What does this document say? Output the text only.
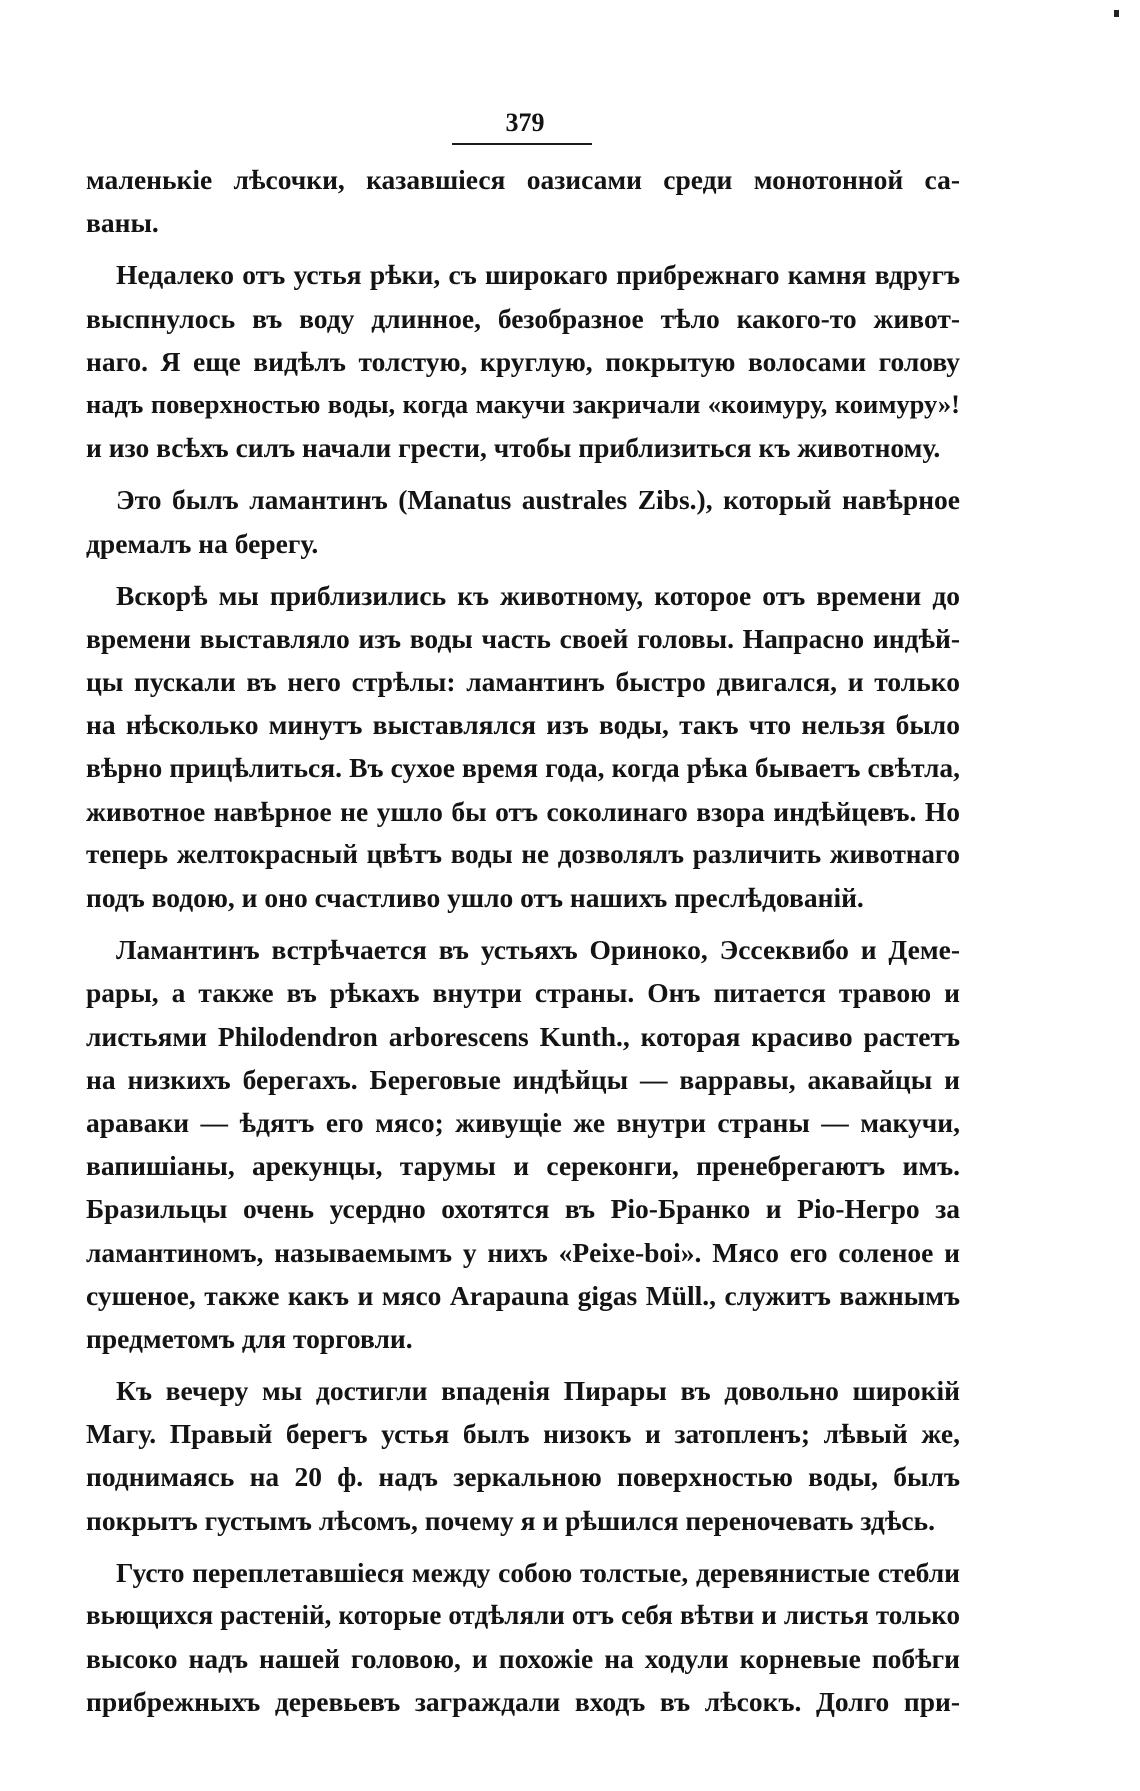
379
маленькіе лѣсочки, казавшіеся оазисами среди монотонной са-
ваны.
Недалеко отъ устья рѣки, съ широкаго прибрежнаго камня вдругъ
выспнулось въ воду длинное, безобразное тѣло какого-то живот-
наго. Я еще видѣлъ толстую, круглую, покрытую волосами голову
надъ поверхностью воды, когда макучи закричали «коимуру, коимуру»!
и изо всѣхъ силъ начали грести, чтобы приблизиться къ животному.
Это былъ ламантинъ (Manatus australes Zibs.), который навѣрное
дремалъ на берегу.
Вскорѣ мы приблизились къ животному, которое отъ времени до
времени выставляло изъ воды часть своей головы. Напрасно индѣй-
цы пускали въ него стрѣлы: ламантинъ быстро двигался, и только
на нѣсколько минутъ выставлялся изъ воды, такъ что нельзя было
вѣрно прицѣлиться. Въ сухое время года, когда рѣка бываетъ свѣтла,
животное навѣрное не ушло бы отъ соколинаго взора индѣйцевъ. Но
теперь желтокрасный цвѣтъ воды не дозволялъ различить животнаго
подъ водою, и оно счастливо ушло отъ нашихъ преслѣдованій.
Ламантинъ встрѣчается въ устьяхъ Ориноко, Эссеквибо и Деме-
рары, а также въ рѣкахъ внутри страны. Онъ питается травою и
листьями Philodendron arborescens Kunth., которая красиво растетъ
на низкихъ берегахъ. Береговые индѣйцы — варравы, акавайцы и
араваки — ѣдятъ его мясо; живущіе же внутри страны — макучи,
вапишіаны, арекунцы, тарумы и сереконги, пренебрегаютъ имъ.
Бразильцы очень усердно охотятся въ Ріо-Бранко и Ріо-Негро за
ламантиномъ, называемымъ у нихъ «Peixe-boi». Мясо его соленое и
сушеное, также какъ и мясо Arapauna gigas Müll., служитъ важнымъ
предметомъ для торговли.
Къ вечеру мы достигли впаденія Пирары въ довольно широкій
Магу. Правый берегъ устья былъ низокъ и затопленъ; лѣвый же,
поднимаясь на 20 ф. надъ зеркальною поверхностью воды, былъ
покрытъ густымъ лѣсомъ, почему я и рѣшился переночевать здѣсь.
Густо переплетавшіеся между собою толстые, деревянистые стебли
вьющихся растеній, которые отдѣляли отъ себя вѣтви и листья только
высоко надъ нашей головою, и похожіе на ходули корневые побѣги
прибрежныхъ деревьевъ заграждали входъ въ лѣсокъ. Долго при-
